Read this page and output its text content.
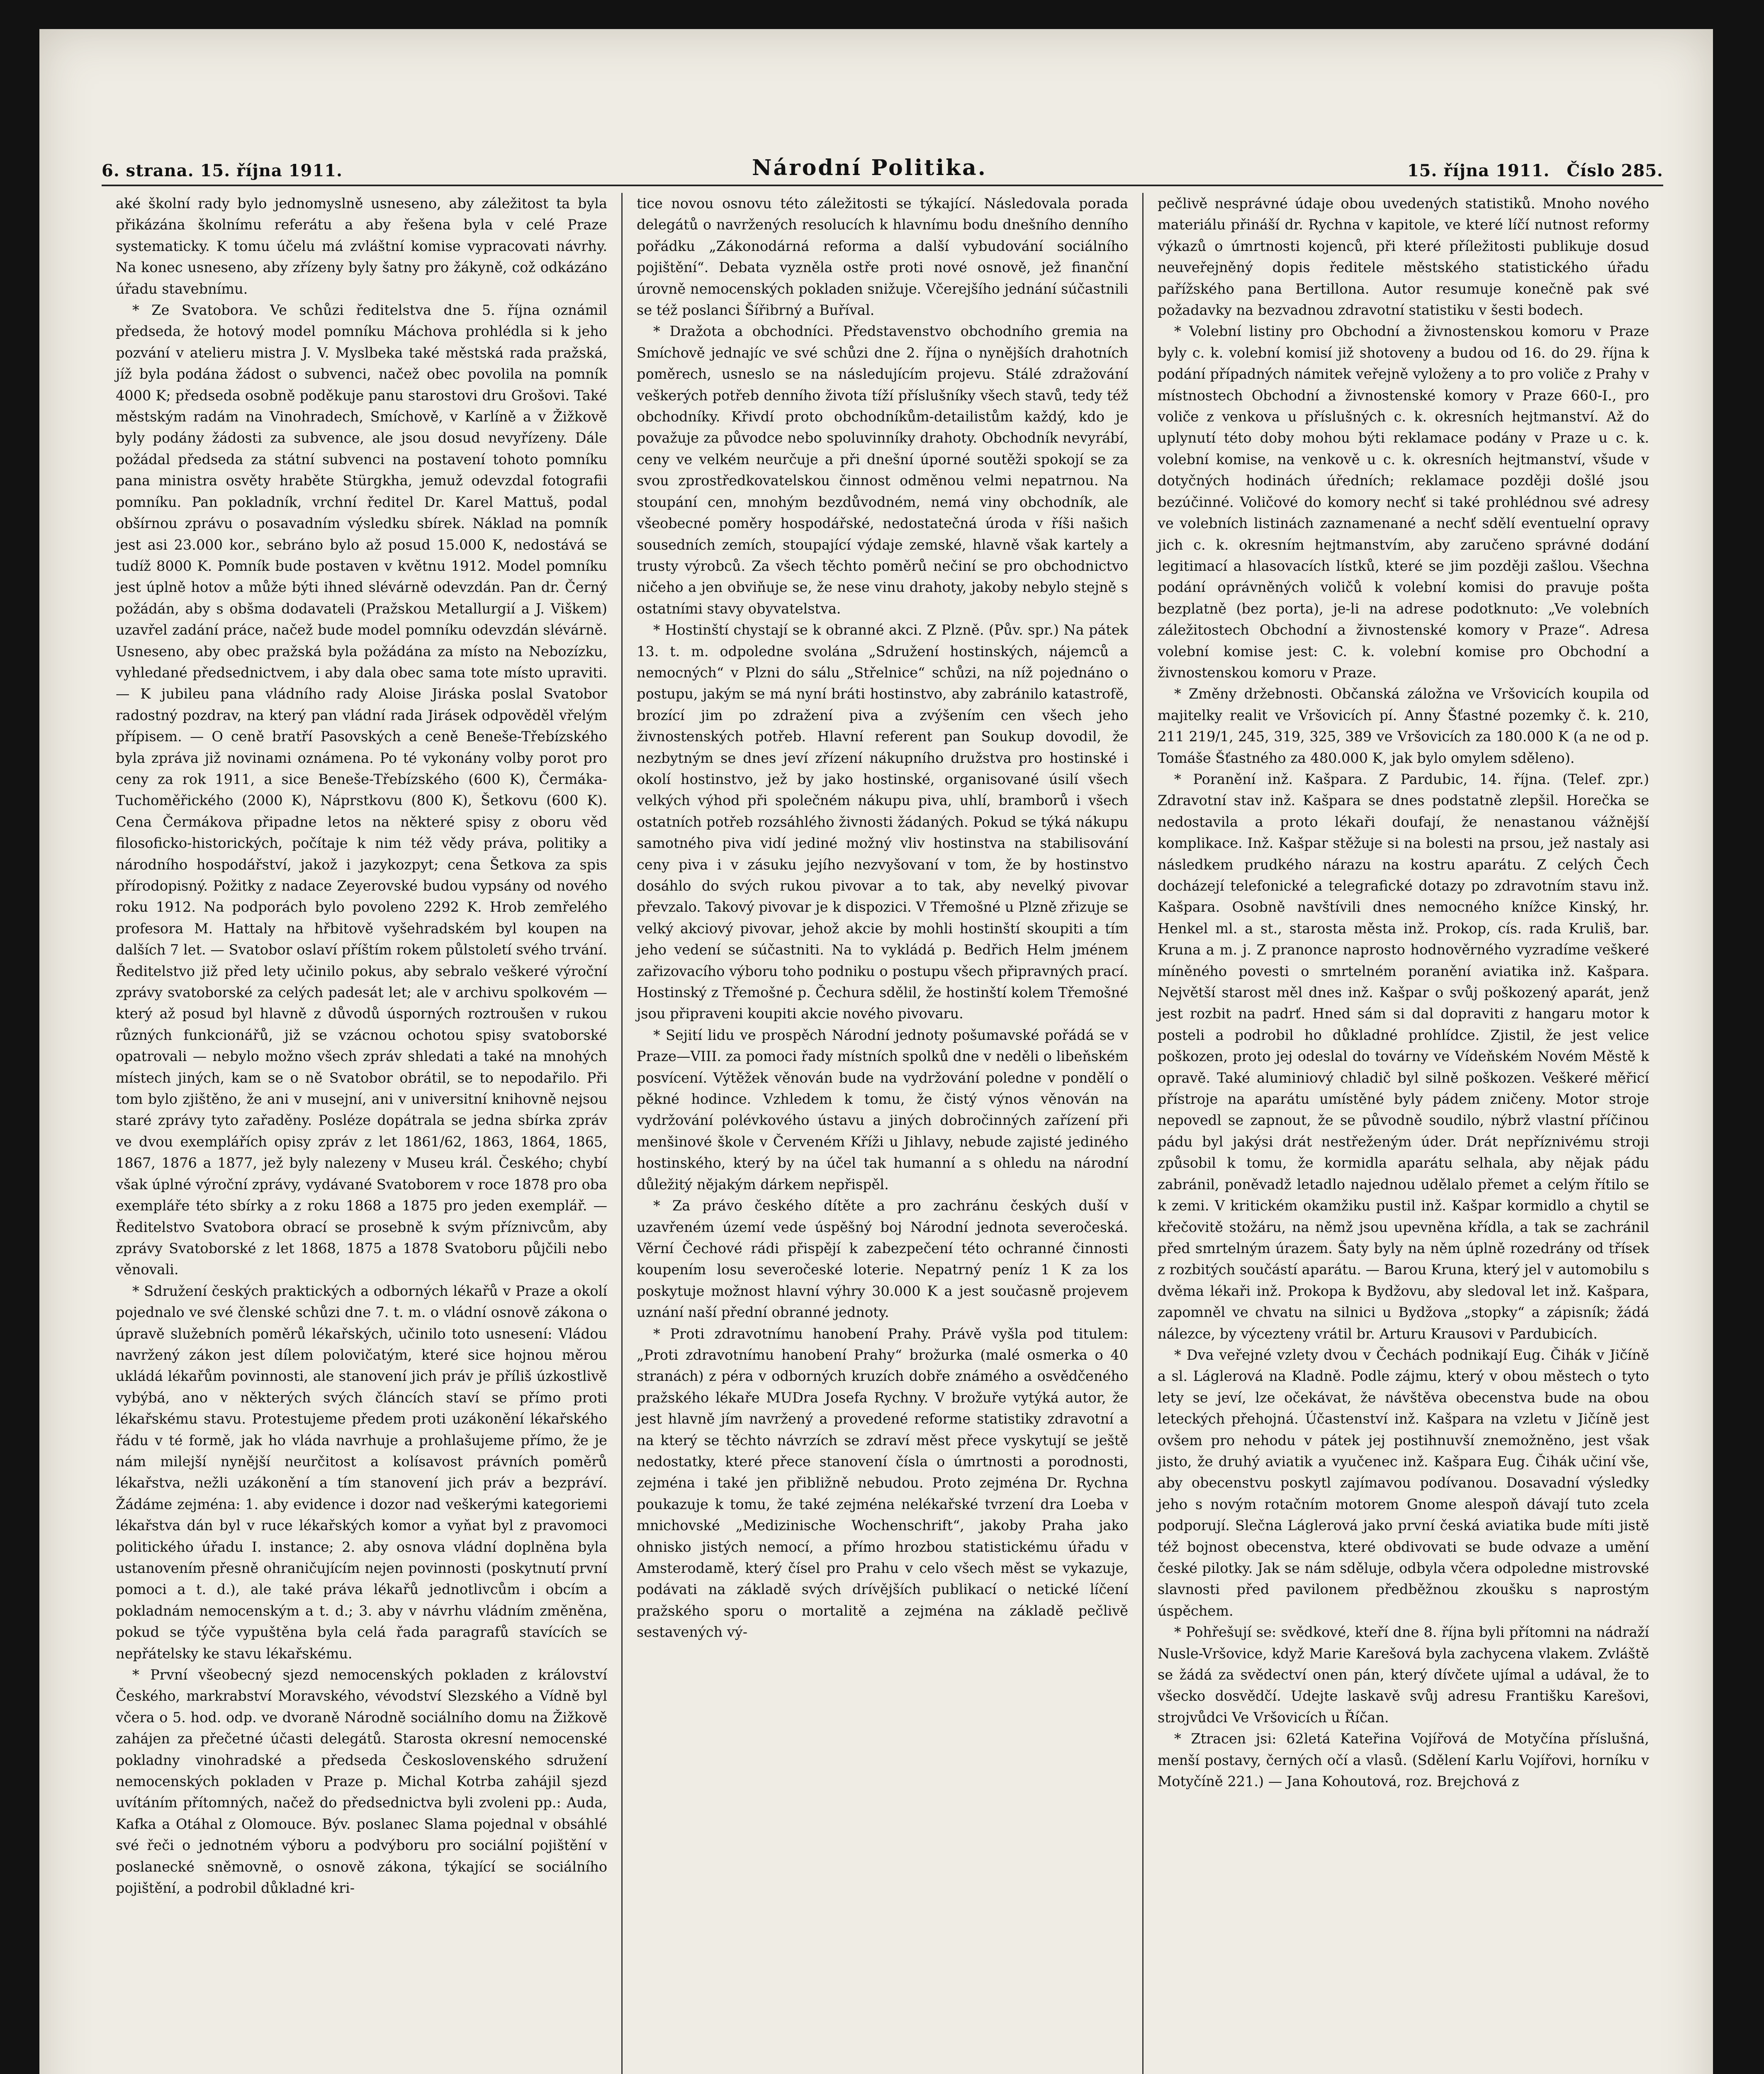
6. strana. 15. října 1911.	Národní Politika.	15. října 1911. Číslo 285.

aké školní rady bylo jednomyslně usneseno, aby záležitost ta byla přikázána školnímu referátu a aby řešena byla v celé Praze systematicky. K tomu účelu má zvláštní komise vypracovati návrhy. Na konec usneseno, aby zřízeny byly šatny pro žákyně, což odkázáno úřadu stavebnímu.

* Ze Svatobora. Ve schůzi ředitelstva dne 5. října oznámil předseda, že hotový model pomníku Máchova prohlédla si k jeho pozvání v atelieru mistra J. V. Myslbeka také městská rada pražská, jíž byla podána žádost o subvenci, načež obec povolila na pomník 4000 K; předseda osobně poděkuje panu starostovi dru Grošovi. Také městským radám na Vinohradech, Smíchově, v Karlíně a v Žižkově byly podány žádosti za subvence, ale jsou dosud nevyřízeny. Dále požádal předseda za státní subvenci na postavení tohoto pomníku pana ministra osvěty hraběte Stürgkha, jemuž odevzdal fotografii pomníku. Pan pokladník, vrchní ředitel Dr. Karel Mattuš, podal obšírnou zprávu o posavadním výsledku sbírek. Náklad na pomník jest asi 23.000 kor., sebráno bylo až posud 15.000 K, nedostává se tudíž 8000 K. Pomník bude postaven v květnu 1912. Model pomníku jest úplně hotov a může býti ihned slévárně odevzdán. Pan dr. Černý požádán, aby s obšma dodavateli (Pražskou Metallurgií a J. Viškem) uzavřel zadání práce, načež bude model pomníku odevzdán slévárně. Usneseno, aby obec pražská byla požádána za místo na Nebozízku, vyhledané předsednictvem, i aby dala obec sama tote místo upraviti. — K jubileu pana vládního rady Aloise Jiráska poslal Svatobor radostný pozdrav, na který pan vládní rada Jirásek odpověděl vřelým přípisem. — O ceně bratří Pasovských a ceně Beneše-Třebízského byla zpráva již novinami oznámena. Po té vykonány volby porot pro ceny za rok 1911, a sice Beneše-Třebízského (600 K), Čermáka-Tuchoměřického (2000 K), Náprstkovu (800 K), Šetkovu (600 K). Cena Čermákova připadne letos na některé spisy z oboru věd filosoficko-historických, počítaje k nim též vědy práva, politiky a národního hospodářství, jakož i jazykozpyt; cena Šetkova za spis přírodopisný. Požitky z nadace Zeyerovské budou vypsány od nového roku 1912. Na podporách bylo povoleno 2292 K. Hrob zemřelého profesora M. Hattaly na hřbitově vyšehradském byl koupen na dalších 7 let. — Svatobor oslaví příštím rokem půlstoletí svého trvání. Ředitelstvo již před lety učinilo pokus, aby sebralo veškeré výroční zprávy svatoborské za celých padesát let; ale v archivu spolkovém — který až posud byl hlavně z důvodů úsporných roztroušen v rukou různých funkcionářů, již se vzácnou ochotou spisy svatoborské opatrovali — nebylo možno všech zpráv shledati a také na mnohých místech jiných, kam se o ně Svatobor obrátil, se to nepodařilo. Při tom bylo zjištěno, že ani v musejní, ani v universitní knihovně nejsou staré zprávy tyto zařaděny. Posléze dopátrala se jedna sbírka zpráv ve dvou exemplářích opisy zpráv z let 1861/62, 1863, 1864, 1865, 1867, 1876 a 1877, jež byly nalezeny v Museu král. Českého; chybí však úplné výroční zprávy, vydávané Svatoborem v roce 1878 pro oba exempláře této sbírky a z roku 1868 a 1875 pro jeden exemplář. — Ředitelstvo Svatobora obrací se prosebně k svým příznivcům, aby zprávy Svatoborské z let 1868, 1875 a 1878 Svatoboru půjčili nebo věnovali.

* Sdružení českých praktických a odborných lékařů v Praze a okolí pojednalo ve své členské schůzi dne 7. t. m. o vládní osnově zákona o úpravě služebních poměrů lékařských, učinilo toto usnesení: Vládou navržený zákon jest dílem polovičatým, které sice hojnou měrou ukládá lékařům povinnosti, ale stanovení jich práv je příliš úzkostlivě vybýbá, ano v některých svých článcích staví se přímo proti lékařskému stavu. Protestujeme předem proti uzákonění lékařského řádu v té formě, jak ho vláda navrhuje a prohlašujeme přímo, že je nám milejší nynější neurčitost a kolísavost právních poměrů lékařstva, nežli uzákonění a tím stanovení jich práv a bezpráví. Žádáme zejména: 1. aby evidence i dozor nad veškerými kategoriemi lékařstva dán byl v ruce lékařských komor a vyňat byl z pravomoci politického úřadu I. instance; 2. aby osnova vládní doplněna byla ustanovením přesně ohraničujícím nejen povinnosti (poskytnutí první pomoci a t. d.), ale také práva lékařů jednotlivcům i obcím a pokladnám nemocenským a t. d.; 3. aby v návrhu vládním změněna, pokud se týče vypuštěna byla celá řada paragrafů stavících se nepřátelsky ke stavu lékařskému.

* První všeobecný sjezd nemocenských pokladen z království Českého, markrabství Moravského, vévodství Slezského a Vídně byl včera o 5. hod. odp. ve dvoraně Národně sociálního domu na Žižkově zahájen za přečetné účasti delegátů. Starosta okresní nemocenské pokladny vinohradské a předseda Československého sdružení nemocenských pokladen v Praze p. Michal Kotrba zahájil sjezd uvítáním přítomných, načež do předsednictva byli zvoleni pp.: Auda, Kafka a Otáhal z Olomouce. Býv. poslanec Slama pojednal v obsáhlé své řeči o jednotném výboru a podvýboru pro sociální pojištění v poslanecké sněmovně, o osnově zákona, týkající se sociálního pojištění, a podrobil důkladné kri-

tice novou osnovu této záležitosti se týkající. Následovala porada delegátů o navržených resolucích k hlavnímu bodu dnešního denního pořádku „Zákonodárná reforma a další vybudování sociálního pojištění“. Debata vyzněla ostře proti nové osnově, jež finanční úrovně nemocenských pokladen snižuje. Včerejšího jednání súčastnili se též poslanci Šířibrný a Buříval.

* Dražota a obchodníci. Představenstvo obchodního gremia na Smíchově jednajíc ve své schůzi dne 2. října o nynějších drahotních poměrech, usneslo se na následujícím projevu. Stálé zdražování veškerých potřeb denního života tíží příslušníky všech stavů, tedy též obchodníky. Křivdí proto obchodníkům-detailistům každý, kdo je považuje za původce nebo spoluvinníky drahoty. Obchodník nevyrábí, ceny ve velkém neurčuje a při dnešní úporné soutěži spokojí se za svou zprostředkovatelskou činnost odměnou velmi nepatrnou. Na stoupání cen, mnohým bezdůvodném, nemá viny obchodník, ale všeobecné poměry hospodářské, nedostatečná úroda v říši našich sousedních zemích, stoupající výdaje zemské, hlavně však kartely a trusty výrobců. Za všech těchto poměrů nečiní se pro obchodnictvo ničeho a jen obviňuje se, že nese vinu drahoty, jakoby nebylo stejně s ostatními stavy obyvatelstva.

* Hostinští chystají se k obranné akci. Z Plzně. (Pův. spr.) Na pátek 13. t. m. odpoledne svolána „Sdružení hostinských, nájemců a nemocných“ v Plzni do sálu „Střelnice“ schůzi, na níž pojednáno o postupu, jakým se má nyní bráti hostinstvo, aby zabránilo katastrofě, brozící jim po zdražení piva a zvýšením cen všech jeho živnostenských potřeb. Hlavní referent pan Soukup dovodil, že nezbytným se dnes jeví zřízení nákupního družstva pro hostinské i okolí hostinstvo, jež by jako hostinské, organisované úsilí všech velkých výhod při společném nákupu piva, uhlí, bramborů i všech ostatních potřeb rozsáhlého živnosti žádaných. Pokud se týká nákupu samotného piva vidí jediné možný vliv hostinstva na stabilisování ceny piva i v zásuku jejího nezvyšovaní v tom, že by hostinstvo dosáhlo do svých rukou pivovar a to tak, aby nevelký pivovar převzalo. Takový pivovar je k dispozici. V Třemošné u Plzně zřizuje se velký akciový pivovar, jehož akcie by mohli hostinští skoupiti a tím jeho vedení se súčastniti. Na to vykládá p. Bedřich Helm jménem zařizovacího výboru toho podniku o postupu všech připravných prací. Hostinský z Třemošné p. Čechura sdělil, že hostinští kolem Třemošné jsou připraveni koupiti akcie nového pivovaru.

* Sejití lidu ve prospěch Národní jednoty pošumavské pořádá se v Praze—VIII. za pomoci řady místních spolků dne v neděli o libeňském posvícení. Výtěžek věnován bude na vydržování poledne v pondělí o pěkné hodince. Vzhledem k tomu, že čistý výnos věnován na vydržování polévkového ústavu a jiných dobročinných zařízení při menšinové škole v Červeném Kříži u Jihlavy, nebude zajisté jediného hostinského, který by na účel tak humanní a s ohledu na národní důležitý nějakým dárkem nepřispěl.

* Za právo českého dítěte a pro zachránu českých duší v uzavřeném území vede úspěšný boj Národní jednota severočeská. Věrní Čechové rádi přispějí k zabezpečení této ochranné činnosti koupením losu severočeské loterie. Nepatrný peníz 1 K za los poskytuje možnost hlavní výhry 30.000 K a jest současně projevem uznání naší přední obranné jednoty.

* Proti zdravotnímu hanobení Prahy. Právě vyšla pod titulem: „Proti zdravotnímu hanobení Prahy“ brožurka (malé osmerka o 40 stranách) z péra v odborných kruzích dobře známého a osvědčeného pražského lékaře MUDra Josefa Rychny. V brožuře vytýká autor, že jest hlavně jím navržený a provedené reforme statistiky zdravotní a na který se těchto návrzích se zdraví měst přece vyskytují se ještě nedostatky, které přece stanovení čísla o úmrtnosti a porodnosti, zejména i také jen přibližně nebudou. Proto zejména Dr. Rychna poukazuje k tomu, že také zejména nelékařské tvrzení dra Loeba v mnichovské „Medizinische Wochenschrift“, jakoby Praha jako ohnisko jistých nemocí, a přímo hrozbou statistickému úřadu v Amsterodamě, který čísel pro Prahu v celo všech měst se vykazuje, podávati na základě svých drívějších publikací o netické líčení pražského sporu o mortalitě a zejména na základě pečlivě sestavených vý-

pečlivě nesprávné údaje obou uvedených statistiků. Mnoho nového materiálu přináší dr. Rychna v kapitole, ve které líčí nutnost reformy výkazů o úmrtnosti kojenců, při které příležitosti publikuje dosud neuveřejněný dopis ředitele městského statistického úřadu pařížského pana Bertillona. Autor resumuje konečně pak své požadavky na bezvadnou zdravotní statistiku v šesti bodech.

* Volební listiny pro Obchodní a živnostenskou komoru v Praze byly c. k. volební komisí již shotoveny a budou od 16. do 29. října k podání případných námitek veřejně vyloženy a to pro voliče z Prahy v místnostech Obchodní a živnostenské komory v Praze 660-I., pro voliče z venkova u příslušných c. k. okresních hejtmanství. Až do uplynutí této doby mohou býti reklamace podány v Praze u c. k. volební komise, na venkově u c. k. okresních hejtmanství, všude v dotyčných hodinách úředních; reklamace později došlé jsou bezúčinné. Voličové do komory nechť si také prohlédnou své adresy ve volebních listinách zaznamenané a nechť sdělí eventuelní opravy jich c. k. okresním hejtmanstvím, aby zaručeno správné dodání legitimací a hlasovacích lístků, které se jim později zašlou. Všechna podání oprávněných voličů k volební komisi do pravuje pošta bezplatně (bez porta), je-li na adrese podotknuto: „Ve volebních záležitostech Obchodní a živnostenské komory v Praze“. Adresa volební komise jest: C. k. volební komise pro Obchodní a živnostenskou komoru v Praze.

* Změny držebnosti. Občanská záložna ve Vršovicích koupila od majitelky realit ve Vršovicích pí. Anny Šťastné pozemky č. k. 210, 211 219/1, 245, 319, 325, 389 ve Vršovicích za 180.000 K (a ne od p. Tomáše Šťastného za 480.000 K, jak bylo omylem sděleno).

* Poranění inž. Kašpara. Z Pardubic, 14. října. (Telef. zpr.) Zdravotní stav inž. Kašpara se dnes podstatně zlepšil. Horečka se nedostavila a proto lékaři doufají, že nenastanou vážnější komplikace. Inž. Kašpar stěžuje si na bolesti na prsou, jež nastaly asi následkem prudkého nárazu na kostru aparátu. Z celých Čech docházejí telefonické a telegrafické dotazy po zdravotním stavu inž. Kašpara. Osobně navštívili dnes nemocného knížce Kinský, hr. Henkel ml. a st., starosta města inž. Prokop, cís. rada Kruliš, bar. Kruna a m. j. Z pranonce naprosto hodnověrného vyzradíme veškeré míněného povesti o smrtelném poranění aviatika inž. Kašpara. Největší starost měl dnes inž. Kašpar o svůj poškozený aparát, jenž jest rozbit na padrť. Hned sám si dal dopraviti z hangaru motor k posteli a podrobil ho důkladné prohlídce. Zjistil, že jest velice poškozen, proto jej odeslal do továrny ve Vídeňském Novém Městě k opravě. Také aluminiový chladič byl silně poškozen. Veškeré měřicí přístroje na aparátu umístěné byly pádem zničeny. Motor stroje nepovedl se zapnout, že se původně soudilo, nýbrž vlastní příčinou pádu byl jakýsi drát nestřeženým úder. Drát nepříznivému stroji způsobil k tomu, že kormidla aparátu selhala, aby nějak pádu zabránil, poněvadž letadlo najednou udělalo přemet a celým řítilo se k zemi. V kritickém okamžiku pustil inž. Kašpar kormidlo a chytil se křečovitě stožáru, na němž jsou upevněna křídla, a tak se zachránil před smrtelným úrazem. Šaty byly na něm úplně rozedrány od třísek z rozbitých součástí aparátu. — Barou Kruna, který jel v automobilu s dvěma lékaři inž. Prokopa k Bydžovu, aby sledoval let inž. Kašpara, zapomněl ve chvatu na silnici u Bydžova „stopky“ a zápisník; žádá nálezce, by výcezteny vrátil br. Arturu Krausovi v Pardubicích.

* Dva veřejné vzlety dvou v Čechách podnikají Eug. Čihák v Jičíně a sl. Láglerová na Kladně. Podle zájmu, který v obou městech o tyto lety se jeví, lze očekávat, že návštěva obecenstva bude na obou leteckých přehojná. Účastenství inž. Kašpara na vzletu v Jičíně jest ovšem pro nehodu v pátek jej postihnuvší znemožněno, jest však jisto, že druhý aviatik a vyučenec inž. Kašpara Eug. Čihák učiní vše, aby obecenstvu poskytl zajímavou podívanou. Dosavadní výsledky jeho s novým rotačním motorem Gnome alespoň dávají tuto zcela podporují. Slečna Láglerová jako první česká aviatika bude míti jistě též bojnost obecenstva, které obdivovati se bude odvaze a umění české pilotky. Jak se nám sděluje, odbyla včera odpoledne mistrovské slavnosti před pavilonem předběžnou zkoušku s naprostým úspěchem.

* Pohřešují se: svědkové, kteří dne 8. října byli přítomni na nádraží Nusle-Vršovice, když Marie Karešová byla zachycena vlakem. Zvláště se žádá za svědectví onen pán, který dívčete ujímal a udával, že to všecko dosvědčí. Udejte laskavě svůj adresu Františku Karešovi, strojvůdci Ve Vršovicích u Říčan.

* Ztracen jsi: 62letá Kateřina Vojířová de Motyčína příslušná, menší postavy, černých očí a vlasů. (Sdělení Karlu Vojířovi, horníku v Motyčíně 221.) — Jana Kohoutová, roz. Brejchová z
